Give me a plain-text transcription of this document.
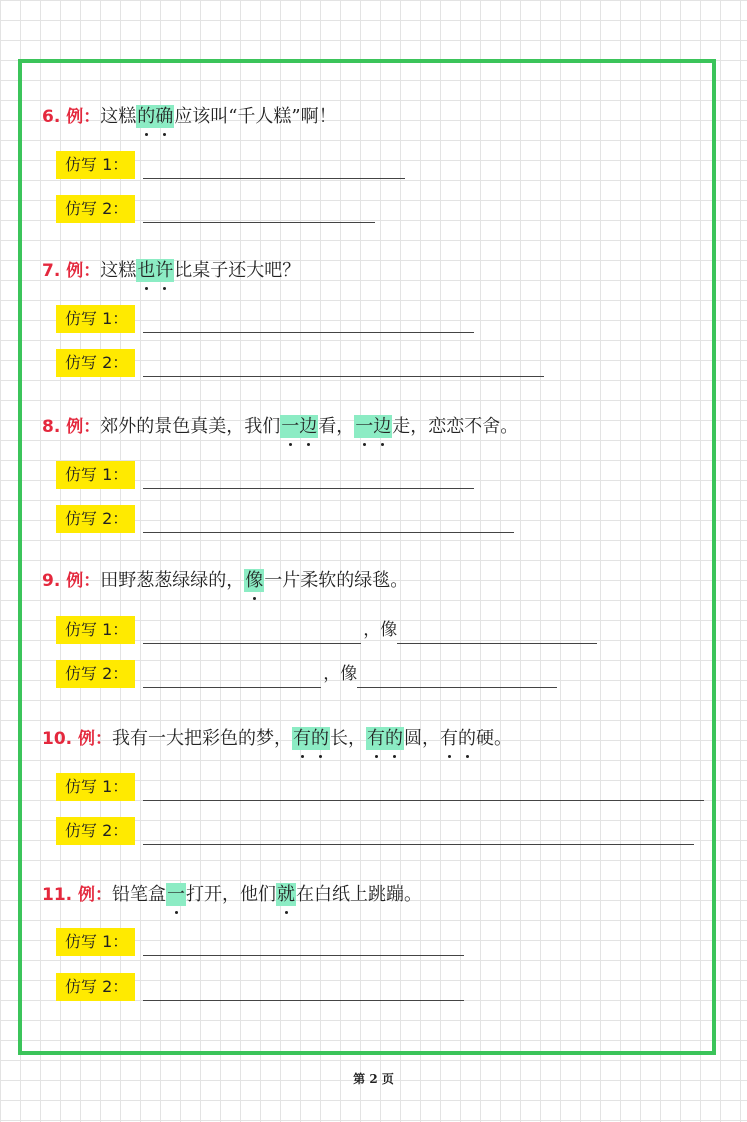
6. 例：这糕的确应该叫“千人糕”啊！
仿写 1：
仿写 2：
7. 例：这糕也许比桌子还大吧？
仿写 1：
仿写 2：
8. 例：郊外的景色真美，我们一边看，一边走，恋恋不舍。
仿写 1：
仿写 2：
9. 例：田野葱葱绿绿的，像一片柔软的绿毯。
仿写 1：	，像
仿写 2：	，像
10. 例：我有一大把彩色的梦，有的长，有的圆，有的硬。
仿写 1：
仿写 2：
11. 例：铅笔盒一打开，他们就在白纸上跳蹦。
仿写 1：
仿写 2：
第 2 页
